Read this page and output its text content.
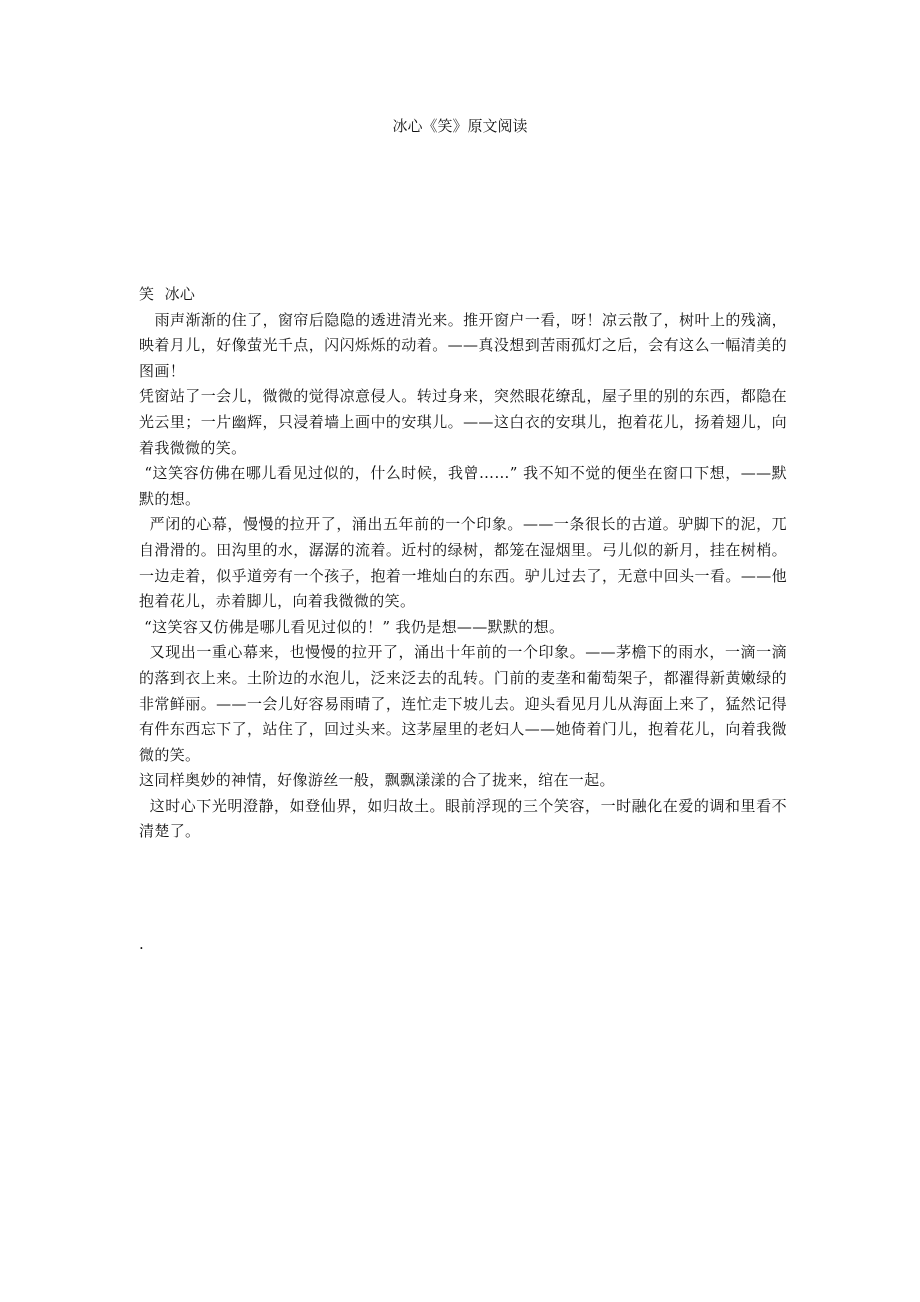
冰心《笑》原文阅读

笑  冰心

雨声渐渐的住了，窗帘后隐隐的透进清光来。推开窗户一看，呀！凉云散了，树叶上的残滴，映着月儿，好像萤光千点，闪闪烁烁的动着。——真没想到苦雨孤灯之后，会有这么一幅清美的图画！

凭窗站了一会儿，微微的觉得凉意侵人。转过身来，突然眼花缭乱，屋子里的别的东西，都隐在光云里；一片幽辉，只浸着墙上画中的安琪儿。——这白衣的安琪儿，抱着花儿，扬着翅儿，向着我微微的笑。

“这笑容仿佛在哪儿看见过似的，什么时候，我曾……” 我不知不觉的便坐在窗口下想，——默默的想。

严闭的心幕，慢慢的拉开了，涌出五年前的一个印象。——一条很长的古道。驴脚下的泥，兀自滑滑的。田沟里的水，潺潺的流着。近村的绿树，都笼在湿烟里。弓儿似的新月，挂在树梢。一边走着，似乎道旁有一个孩子，抱着一堆灿白的东西。驴儿过去了，无意中回头一看。——他抱着花儿，赤着脚儿，向着我微微的笑。

“这笑容又仿佛是哪儿看见过似的！” 我仍是想——默默的想。

又现出一重心幕来，也慢慢的拉开了，涌出十年前的一个印象。——茅檐下的雨水，一滴一滴的落到衣上来。土阶边的水泡儿，泛来泛去的乱转。门前的麦垄和葡萄架子，都濯得新黄嫩绿的非常鲜丽。——一会儿好容易雨晴了，连忙走下坡儿去。迎头看见月儿从海面上来了，猛然记得有件东西忘下了，站住了，回过头来。这茅屋里的老妇人——她倚着门儿，抱着花儿，向着我微微的笑。

这同样奥妙的神情，好像游丝一般，飘飘漾漾的合了拢来，绾在一起。

这时心下光明澄静，如登仙界，如归故土。眼前浮现的三个笑容，一时融化在爱的调和里看不清楚了。

.
